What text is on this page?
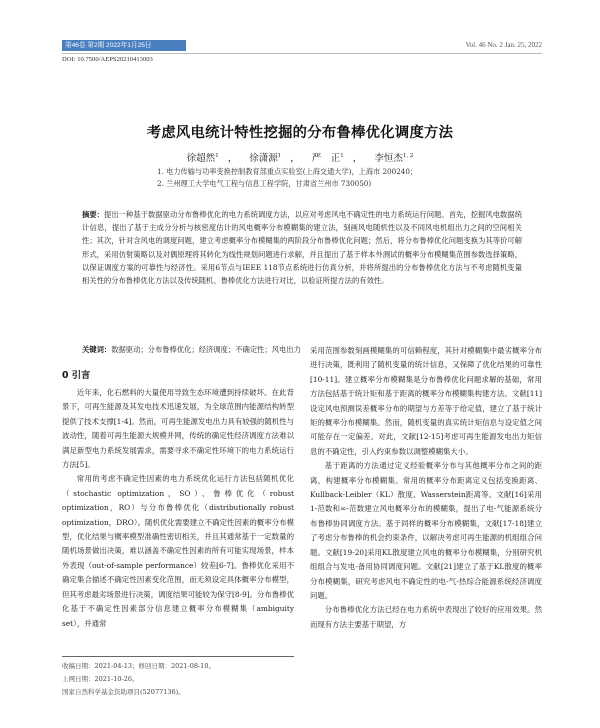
第46卷 第2期 2022年1月25日	Vol. 46 No. 2 Jan. 25, 2022
DOI: 10.7500/AEPS20210413003
考虑风电统计特性挖掘的分布鲁棒优化调度方法
徐超然$^1$ ， 徐潇源$^1$ ， 严　正$^1$ ， 李恒杰$^{1, 2}$
1. 电力传输与功率变换控制教育部重点实验室(上海交通大学)，上海市 200240；
2. 兰州理工大学电气工程与信息工程学院，甘肃省兰州市 730050)
摘要：提出一种基于数据驱动分布鲁棒优化的电力系统调度方法，以应对考虑风电不确定性的电力系统运行问题。首先，挖掘风电数据统计信息，提出了基于主成分分析与核密度估计的风电概率分布模糊集的建立法，刻画风电随机性以及不同风电机组出力之间的空间相关性；其次，针对含风电的调度问题，建立考虑概率分布模糊集的两阶段分布鲁棒优化问题；然后，将分布鲁棒优化问题变换为其等价可解形式，采用仿射策略以及对偶原理将其转化为线性规划问题进行求解，并且提出了基于样本外测试的概率分布模糊集范围参数选择策略，以保证调度方案的可靠性与经济性。采用6节点与IEEE 118节点系统进行仿真分析，并将所提出的分布鲁棒优化方法与不考虑随机变量相关性的分布鲁棒优化方法以及传统随机、鲁棒优化方法进行对比，以验证所提方法的有效性。
关键词：数据驱动；分布鲁棒优化；经济调度；不确定性；风电出力
0 引言

近年来，化石燃料的大量使用导致生态环境遭到持续破坏。在此背景下，可再生能源及其发电技术迅速发展，为全球范围内能源结构转型提供了技术支撑[1-4]。然而，可再生能源发电出力具有较强的随机性与波动性，随着可再生能源大规模并网，传统的确定性经济调度方法难以满足新型电力系统发展需求，需要寻求不确定性环境下的电力系统运行方法[5]。

常用的考虑不确定性因素的电力系统优化运行方法包括随机优化（stochastic optimization，SO）、鲁棒优化（robust optimization，RO）与分布鲁棒优化（distributionally robust optimization，DRO）。随机优化需要建立不确定性因素的概率分布模型，优化结果与概率模型准确性密切相关，并且其通常基于一定数量的随机场景做出决策，难以涵盖不确定性因素的所有可能实现场景，样本外表现（out-of-sample performance）较差[6-7]。鲁棒优化采用不确定集合描述不确定性因素变化范围，而无须设定具体概率分布模型，但其考虑最劣场景进行决策，调度结果可能较为保守[8-9]。分布鲁棒优化基于不确定性因素部分信息建立概率分布模糊集（ambiguity set），并通常

采用范围参数刻画模糊集的可信赖程度，其针对模糊集中最劣概率分布进行决策，既利用了随机变量的统计信息，又保障了优化结果的可靠性[10-11]。建立概率分布模糊集是分布鲁棒优化问题求解的基础，常用方法包括基于统计矩和基于距离的概率分布模糊集构建方法。文献[11]设定风电预测误差概率分布的期望与方差等于给定值，建立了基于统计矩的概率分布模糊集。然而，随机变量的真实统计矩信息与设定值之间可能存在一定偏差。对此，文献[12-15]考虑可再生能源发电出力矩信息的不确定性，引入约束参数以调整模糊集大小。

基于距离的方法通过定义经验概率分布与其他概率分布之间的距离，构建概率分布模糊集。常用的概率分布距离定义包括变换距离、Kullback-Leibler（KL）散度、Wasserstein距离等。文献[16]采用1-范数和∞-范数建立风电概率分布的模糊集，提出了电-气能源系统分布鲁棒协同调度方法。基于同样的概率分布模糊集，文献[17-18]建立了考虑分布鲁棒的机会约束条件，以解决考虑可再生能源的机组组合问题。文献[19-20]采用KL散度建立风电的概率分布模糊集，分别研究机组组合与发电-备用协同调度问题。文献[21]建立了基于KL散度的概率分布模糊集，研究考虑风电不确定性的电-气-热综合能源系统经济调度问题。

分布鲁棒优化方法已经在电力系统中表现出了较好的应用效果。然而现有方法主要基于期望，方

收稿日期：2021-04-13；修回日期：2021-08-10。
上网日期：2021-10-26。
国家自然科学基金资助项目(52077136)。
